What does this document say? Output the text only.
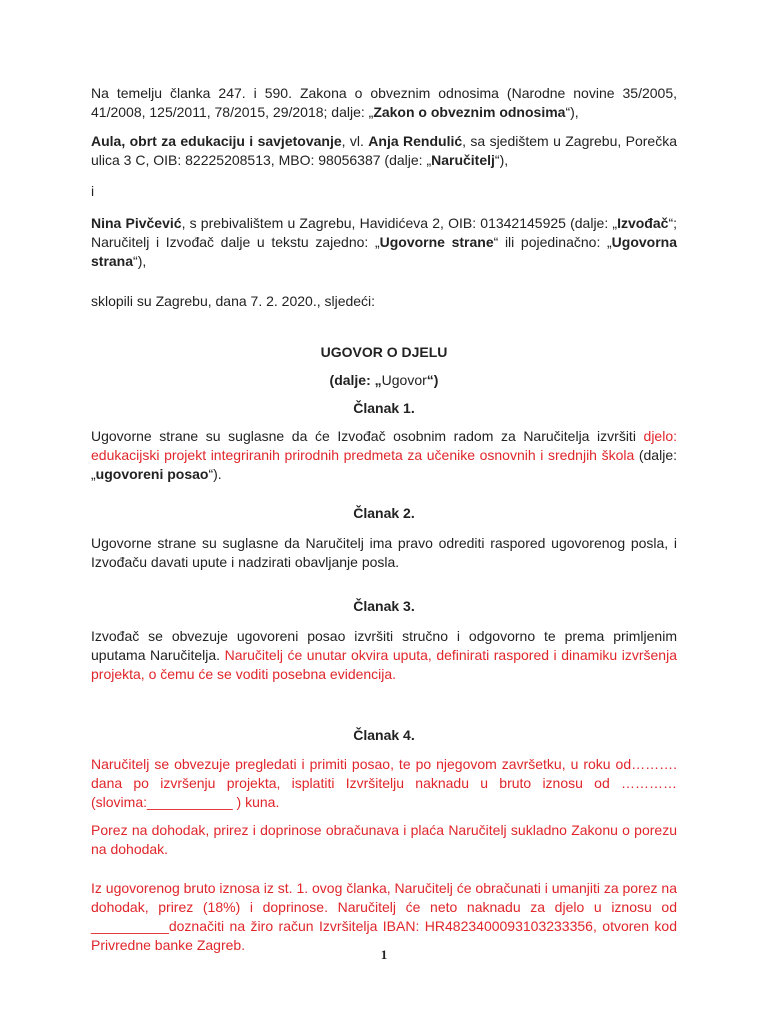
Na temelju članka 247. i 590. Zakona o obveznim odnosima (Narodne novine 35/2005, 41/2008, 125/2011, 78/2015, 29/2018; dalje: „Zakon o obveznim odnosima“),

Aula, obrt za edukaciju i savjetovanje, vl. Anja Rendulić, sa sjedištem u Zagrebu, Porečka ulica 3 C, OIB: 82225208513, MBO: 98056387 (dalje: „Naručitelj“),

i

Nina Pivčević, s prebivalištem u Zagrebu, Havidićeva 2, OIB: 01342145925 (dalje: „Izvođač“; Naručitelj i Izvođač dalje u tekstu zajedno: „Ugovorne strane“ ili pojedinačno: „Ugovorna strana“),

sklopili su Zagrebu, dana 7. 2. 2020., sljedeći:

UGOVOR O DJELU

(dalje: „Ugovor“)

Članak 1.

Ugovorne strane su suglasne da će Izvođač osobnim radom za Naručitelja izvršiti djelo: edukacijski projekt integriranih prirodnih predmeta za učenike osnovnih i srednjih škola (dalje: „ugovoreni posao“).

Članak 2.

Ugovorne strane su suglasne da Naručitelj ima pravo odrediti raspored ugovorenog posla, i Izvođaču davati upute i nadzirati obavljanje posla.

Članak 3.

Izvođač se obvezuje ugovoreni posao izvršiti stručno i odgovorno te prema primljenim uputama Naručitelja. Naručitelj će unutar okvira uputa, definirati raspored i dinamiku izvršenja projekta, o čemu će se voditi posebna evidencija.

Članak 4.

Naručitelj se obvezuje pregledati i primiti posao, te po njegovom završetku, u roku od………. dana po izvršenju projekta, isplatiti Izvršitelju naknadu u bruto iznosu od ………… (slovima:___________ ) kuna.

Porez na dohodak, prirez i doprinose obračunava i plaća Naručitelj sukladno Zakonu o porezu na dohodak.

Iz ugovorenog bruto iznosa iz st. 1. ovog članka, Naručitelj će obračunati i umanjiti za porez na dohodak, prirez (18%) i doprinose. Naručitelj će neto naknadu za djelo u iznosu od __________doznačiti na žiro račun Izvršitelja IBAN: HR4823400093103233356, otvoren kod Privredne banke Zagreb.

1
